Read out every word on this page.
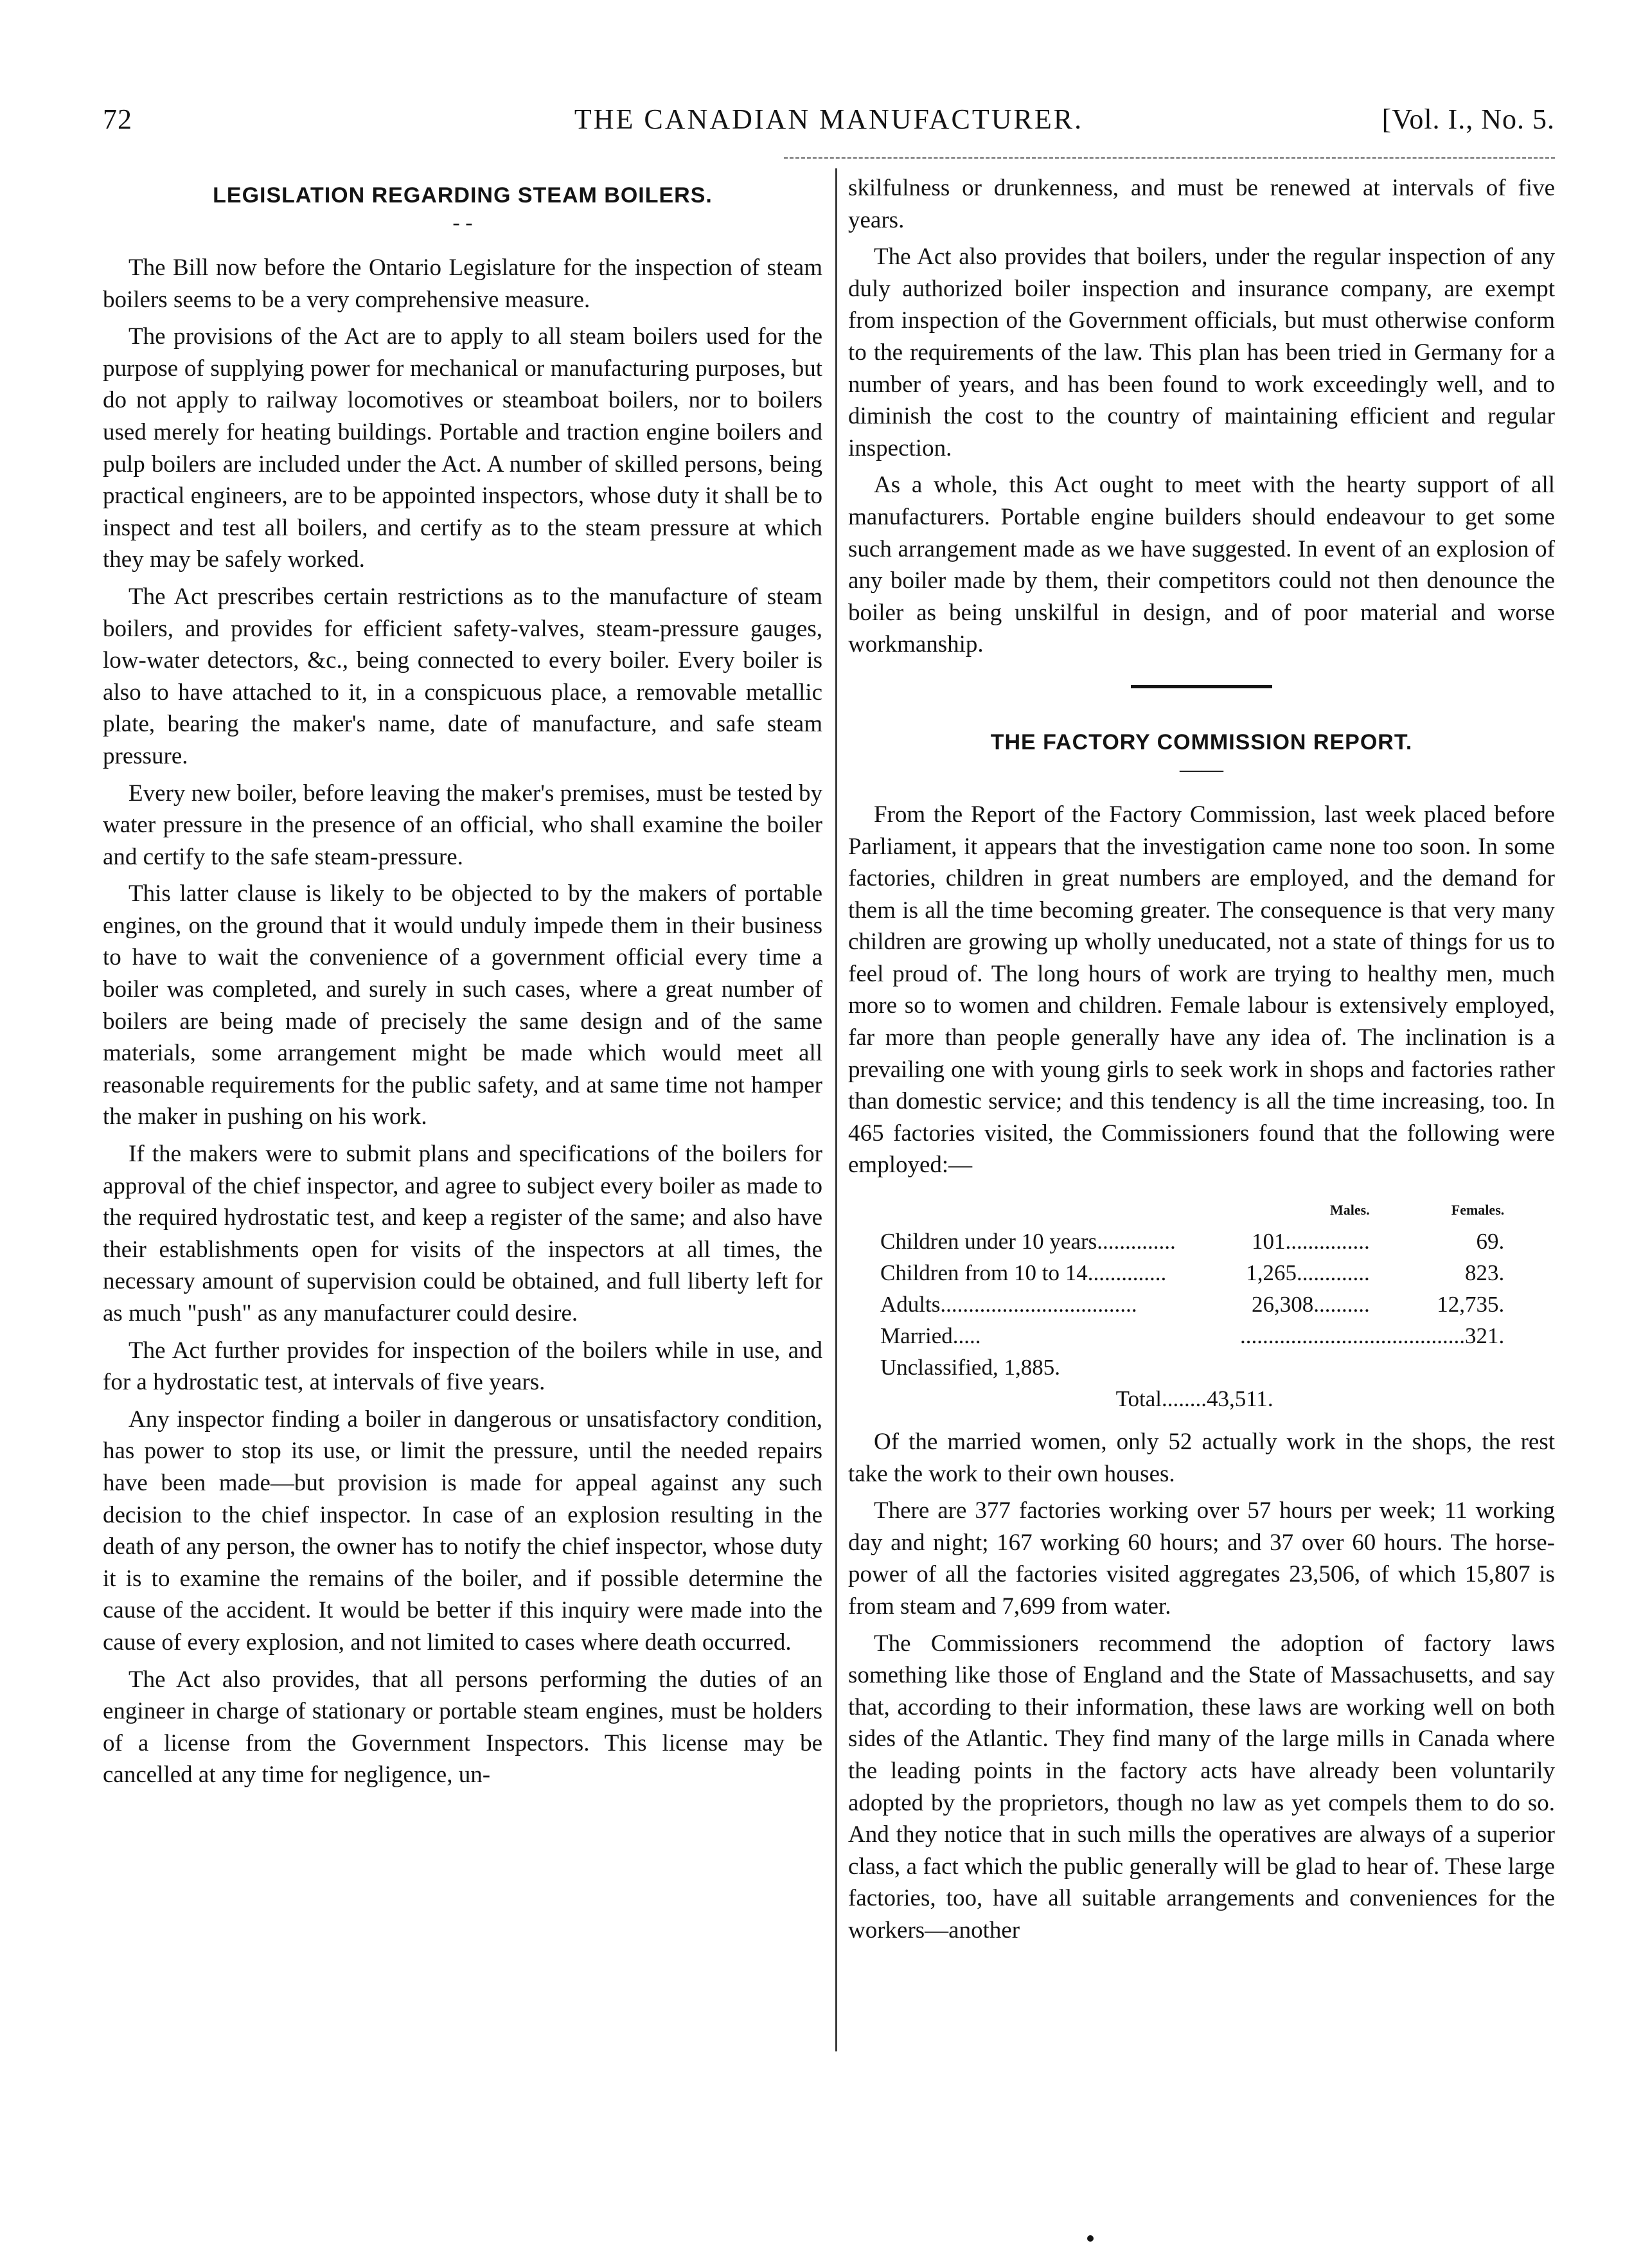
72	THE CANADIAN MANUFACTURER.	[Vol. I., No. 5.
LEGISLATION REGARDING STEAM BOILERS.
- -

The Bill now before the Ontario Legislature for the inspection of steam boilers seems to be a very comprehensive measure.

The provisions of the Act are to apply to all steam boilers used for the purpose of supplying power for mechanical or manufacturing purposes, but do not apply to railway locomotives or steamboat boilers, nor to boilers used merely for heating buildings. Portable and traction engine boilers and pulp boilers are included under the Act. A number of skilled persons, being practical engineers, are to be appointed inspectors, whose duty it shall be to inspect and test all boilers, and certify as to the steam pressure at which they may be safely worked.

The Act prescribes certain restrictions as to the manufacture of steam boilers, and provides for efficient safety-valves, steam-pressure gauges, low-water detectors, &c., being connected to every boiler. Every boiler is also to have attached to it, in a conspicuous place, a removable metallic plate, bearing the maker's name, date of manufacture, and safe steam pressure.

Every new boiler, before leaving the maker's premises, must be tested by water pressure in the presence of an official, who shall examine the boiler and certify to the safe steam-pressure.

This latter clause is likely to be objected to by the makers of portable engines, on the ground that it would unduly impede them in their business to have to wait the convenience of a government official every time a boiler was completed, and surely in such cases, where a great number of boilers are being made of precisely the same design and of the same materials, some arrangement might be made which would meet all reasonable requirements for the public safety, and at same time not hamper the maker in pushing on his work.

If the makers were to submit plans and specifications of the boilers for approval of the chief inspector, and agree to subject every boiler as made to the required hydrostatic test, and keep a register of the same; and also have their establishments open for visits of the inspectors at all times, the necessary amount of supervision could be obtained, and full liberty left for as much "push" as any manufacturer could desire.

The Act further provides for inspection of the boilers while in use, and for a hydrostatic test, at intervals of five years.

Any inspector finding a boiler in dangerous or unsatisfactory condition, has power to stop its use, or limit the pressure, until the needed repairs have been made—but provision is made for appeal against any such decision to the chief inspector. In case of an explosion resulting in the death of any person, the owner has to notify the chief inspector, whose duty it is to examine the remains of the boiler, and if possible determine the cause of the accident. It would be better if this inquiry were made into the cause of every explosion, and not limited to cases where death occurred.

The Act also provides, that all persons performing the duties of an engineer in charge of stationary or portable steam engines, must be holders of a license from the Government Inspectors. This license may be cancelled at any time for negligence, un-

skilfulness or drunkenness, and must be renewed at intervals of five years.

The Act also provides that boilers, under the regular inspection of any duly authorized boiler inspection and insurance company, are exempt from inspection of the Government officials, but must otherwise conform to the requirements of the law. This plan has been tried in Germany for a number of years, and has been found to work exceedingly well, and to diminish the cost to the country of maintaining efficient and regular inspection.

As a whole, this Act ought to meet with the hearty support of all manufacturers. Portable engine builders should endeavour to get some such arrangement made as we have suggested. In event of an explosion of any boiler made by them, their competitors could not then denounce the boiler as being unskilful in design, and of poor material and worse workmanship.

THE FACTORY COMMISSION REPORT.
——

From the Report of the Factory Commission, last week placed before Parliament, it appears that the investigation came none too soon. In some factories, children in great numbers are employed, and the demand for them is all the time becoming greater. The consequence is that very many children are growing up wholly uneducated, not a state of things for us to feel proud of. The long hours of work are trying to healthy men, much more so to women and children. Female labour is extensively employed, far more than people generally have any idea of. The inclination is a prevailing one with young girls to seek work in shops and factories rather than domestic service; and this tendency is all the time increasing, too. In 465 factories visited, the Commissioners found that the following were employed:—

	Males.	Females.
Children under 10 years..............	101...............	69.
Children from 10 to 14..............	1,265.............	823.
Adults...................................	26,308..........	12,735.
Married.....	........................................321.	
Unclassified, 1,885.		
Total........43,511.		

Of the married women, only 52 actually work in the shops, the rest take the work to their own houses.

There are 377 factories working over 57 hours per week; 11 working day and night; 167 working 60 hours; and 37 over 60 hours. The horse-power of all the factories visited aggregates 23,506, of which 15,807 is from steam and 7,699 from water.

The Commissioners recommend the adoption of factory laws something like those of England and the State of Massachusetts, and say that, according to their information, these laws are working well on both sides of the Atlantic. They find many of the large mills in Canada where the leading points in the factory acts have already been voluntarily adopted by the proprietors, though no law as yet compels them to do so. And they notice that in such mills the operatives are always of a superior class, a fact which the public generally will be glad to hear of. These large factories, too, have all suitable arrangements and conveniences for the workers—another
